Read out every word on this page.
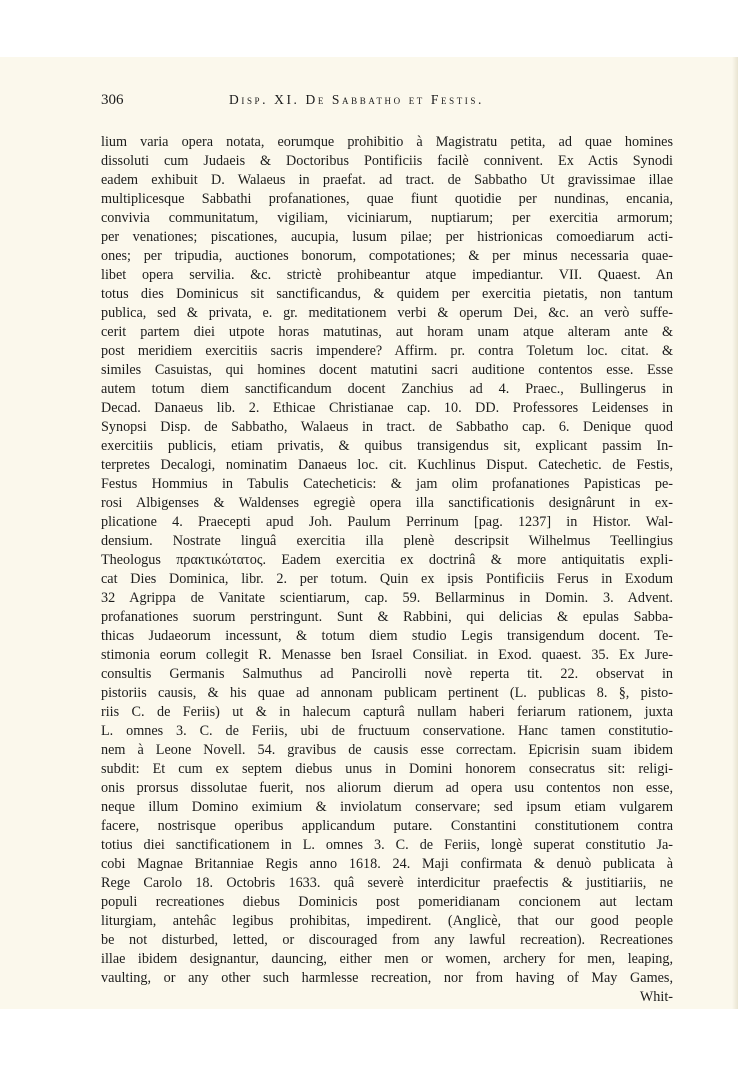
306	Disp. XI. De Sabbatho et Festis.
lium varia opera notata, eorumque prohibitio à Magistratu petita, ad quae homines
dissoluti cum Judaeis & Doctoribus Pontificiis facilè connivent. Ex Actis Synodi
eadem exhibuit D. Walaeus in praefat. ad tract. de Sabbatho Ut gravissimae illae
multiplicesque Sabbathi profanationes, quae fiunt quotidie per nundinas, encania,
convivia communitatum, vigiliam, viciniarum, nuptiarum; per exercitia armorum;
per venationes; piscationes, aucupia, lusum pilae; per histrionicas comoediarum acti-
ones; per tripudia, auctiones bonorum, compotationes; & per minus necessaria quae-
libet opera servilia. &c. strictè prohibeantur atque impediantur. VII. Quaest. An
totus dies Dominicus sit sanctificandus, & quidem per exercitia pietatis, non tantum
publica, sed & privata, e. gr. meditationem verbi & operum Dei, &c. an verò suffe-
cerit partem diei utpote horas matutinas, aut horam unam atque alteram ante &
post meridiem exercitiis sacris impendere? Affirm. pr. contra Toletum loc. citat. &
similes Casuistas, qui homines docent matutini sacri auditione contentos esse. Esse
autem totum diem sanctificandum docent Zanchius ad 4. Praec., Bullingerus in
Decad. Danaeus lib. 2. Ethicae Christianae cap. 10. DD. Professores Leidenses in
Synopsi Disp. de Sabbatho, Walaeus in tract. de Sabbatho cap. 6. Denique quod
exercitiis publicis, etiam privatis, & quibus transigendus sit, explicant passim In-
terpretes Decalogi, nominatim Danaeus loc. cit. Kuchlinus Disput. Catechetic. de Festis,
Festus Hommius in Tabulis Catecheticis: & jam olim profanationes Papisticas pe-
rosi Albigenses & Waldenses egregiè opera illa sanctificationis designârunt in ex-
plicatione 4. Praecepti apud Joh. Paulum Perrinum [pag. 1237] in Histor. Wal-
densium. Nostrate linguâ exercitia illa plenè descripsit Wilhelmus Teellingius
Theologus πρακτικώτατος. Eadem exercitia ex doctrinâ & more antiquitatis expli-
cat Dies Dominica, libr. 2. per totum. Quin ex ipsis Pontificiis Ferus in Exodum
32 Agrippa de Vanitate scientiarum, cap. 59. Bellarminus in Domin. 3. Advent.
profanationes suorum perstringunt. Sunt & Rabbini, qui delicias & epulas Sabba-
thicas Judaeorum incessunt, & totum diem studio Legis transigendum docent. Te-
stimonia eorum collegit R. Menasse ben Israel Consiliat. in Exod. quaest. 35. Ex Jure-
consultis Germanis Salmuthus ad Pancirolli novè reperta tit. 22. observat in
pistoriis causis, & his quae ad annonam publicam pertinent (L. publicas 8. §, pisto-
riis C. de Feriis) ut & in halecum capturâ nullam haberi feriarum rationem, juxta
L. omnes 3. C. de Feriis, ubi de fructuum conservatione. Hanc tamen constitutio-
nem à Leone Novell. 54. gravibus de causis esse correctam. Epicrisin suam ibidem
subdit: Et cum ex septem diebus unus in Domini honorem consecratus sit: religi-
onis prorsus dissolutae fuerit, nos aliorum dierum ad opera usu contentos non esse,
neque illum Domino eximium & inviolatum conservare; sed ipsum etiam vulgarem
facere, nostrisque operibus applicandum putare. Constantini constitutionem contra
totius diei sanctificationem in L. omnes 3. C. de Feriis, longè superat constitutio Ja-
cobi Magnae Britanniae Regis anno 1618. 24. Maji confirmata & denuò publicata à
Rege Carolo 18. Octobris 1633. quâ severè interdicitur praefectis & justitiariis, ne
populi recreationes diebus Dominicis post pomeridianam concionem aut lectam
liturgiam, antehâc legibus prohibitas, impedirent. (Anglicè, that our good people
be not disturbed, letted, or discouraged from any lawful recreation). Recreationes
illae ibidem designantur, dauncing, either men or women, archery for men, leaping,
vaulting, or any other such harmlesse recreation, nor from having of May Games,
Whit-
